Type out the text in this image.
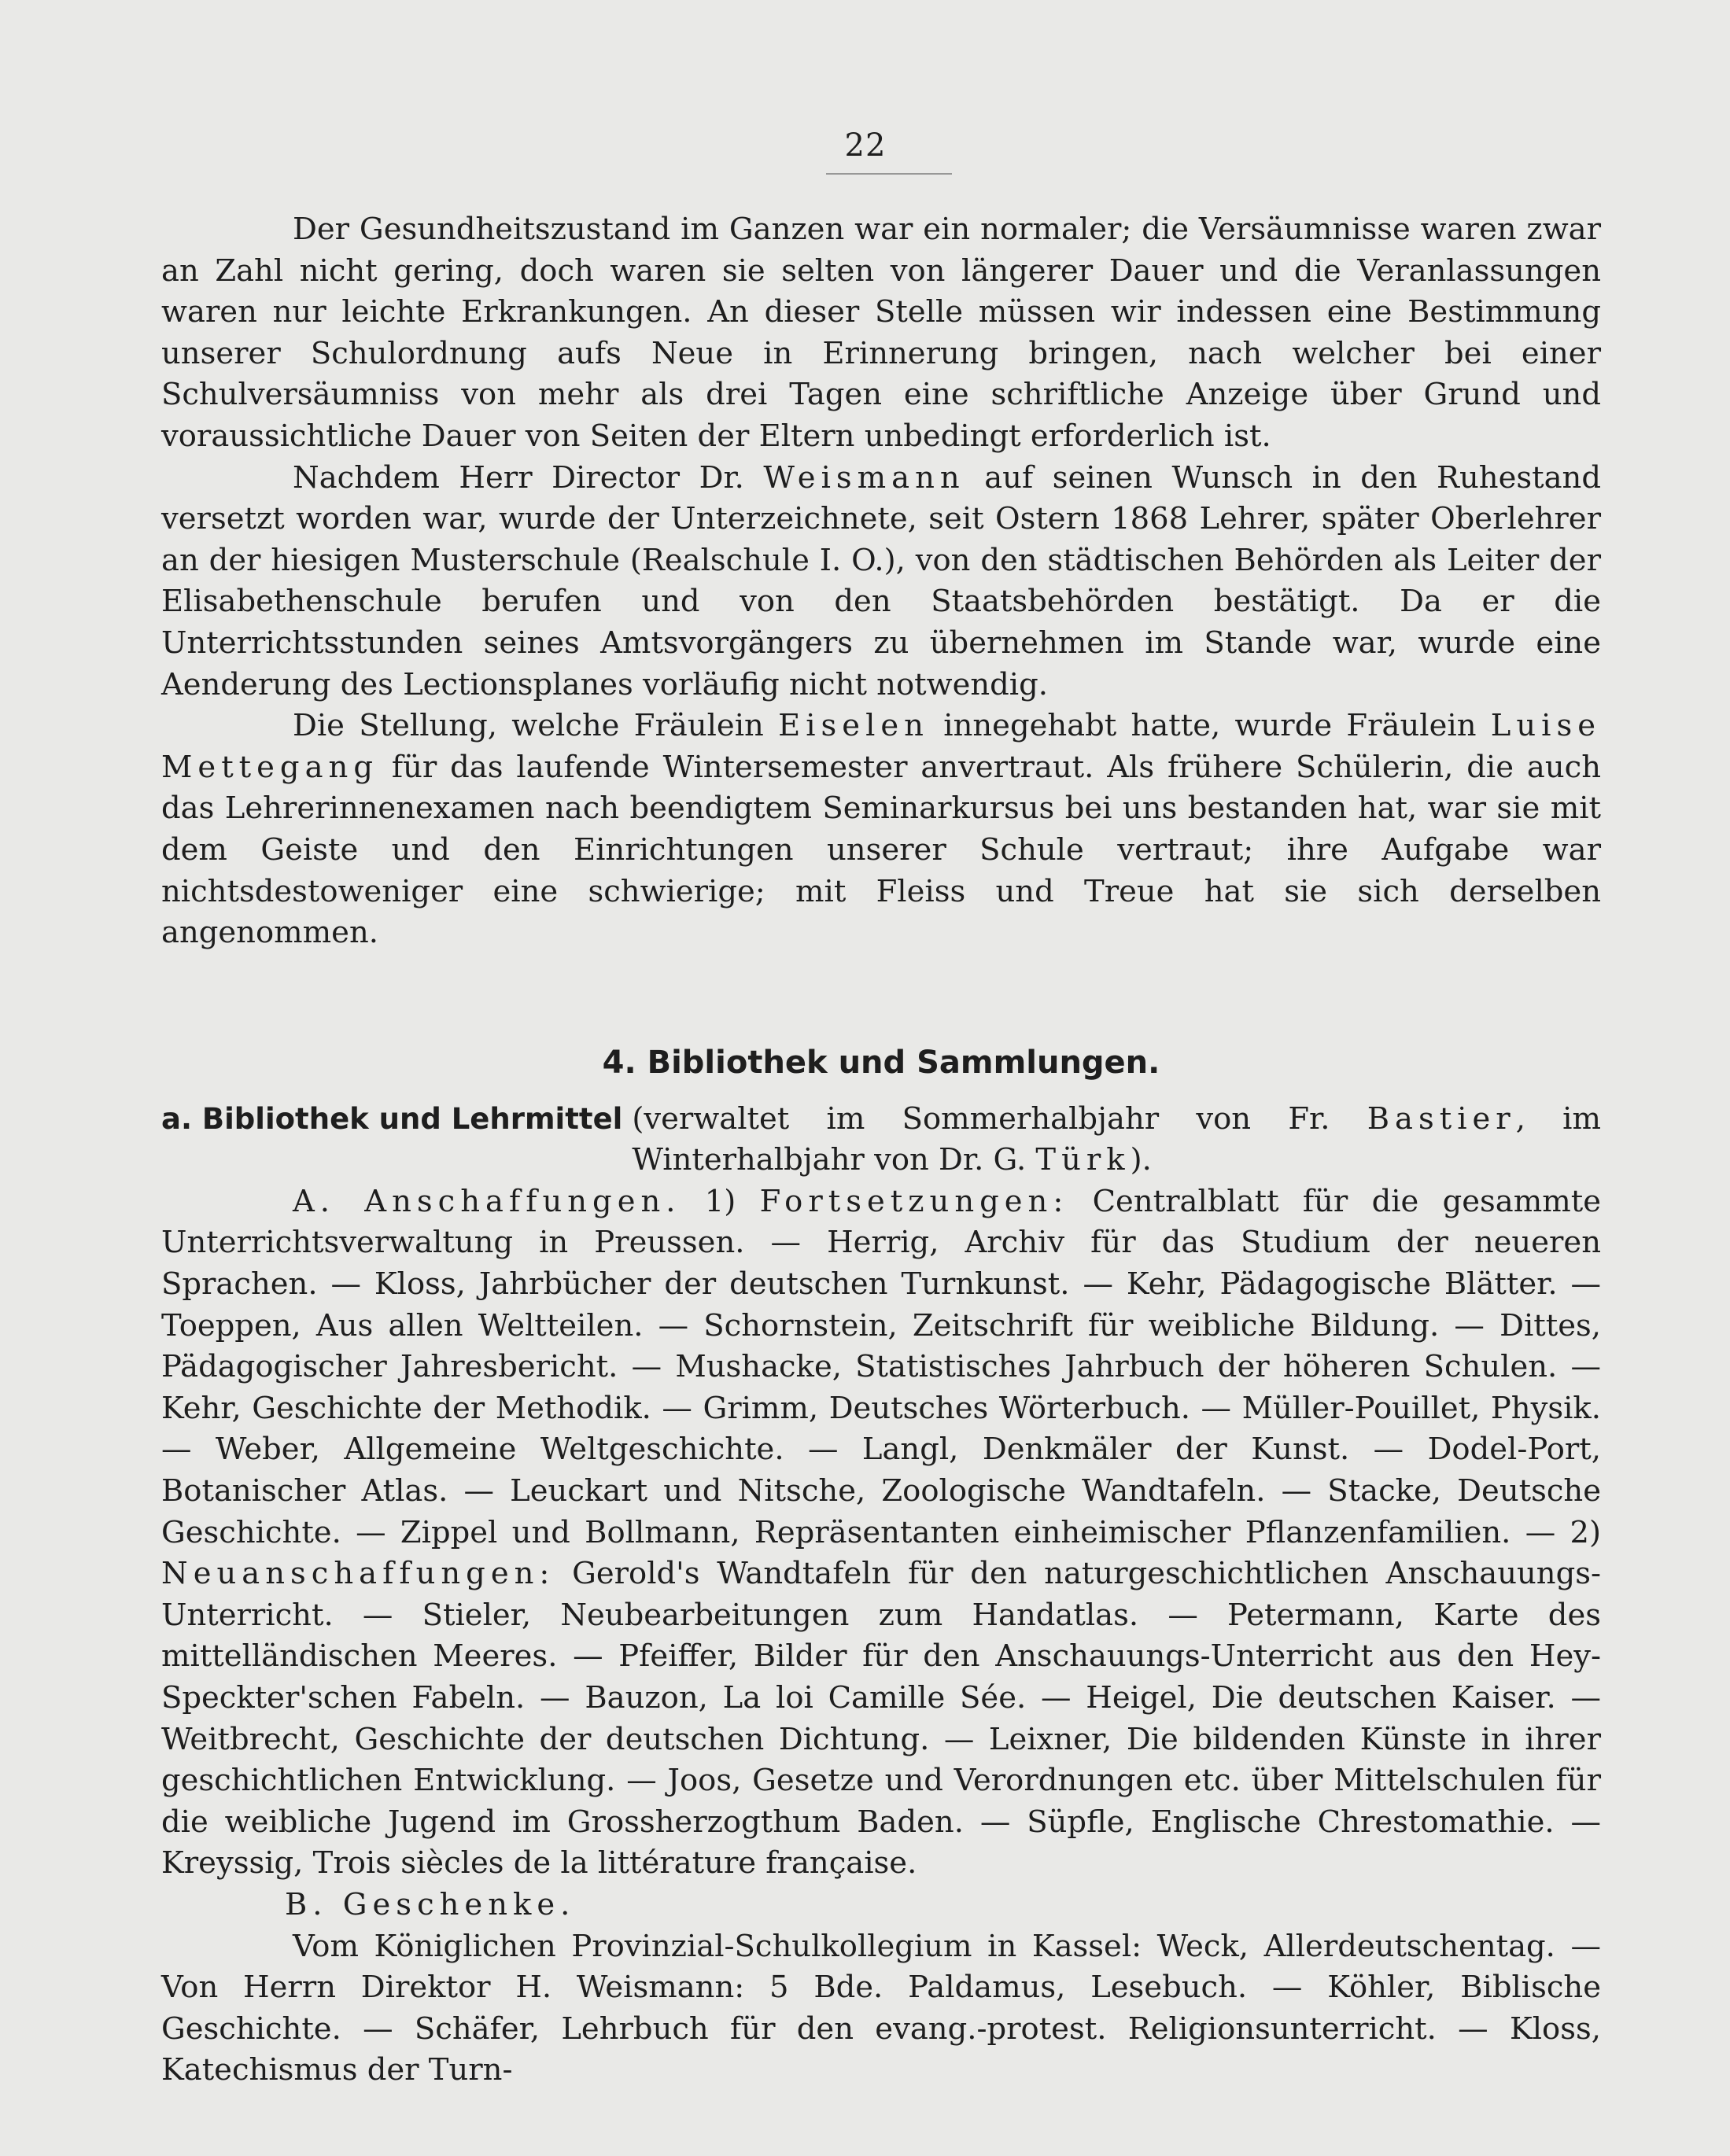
22

Der Gesundheitszustand im Ganzen war ein normaler; die Versäumnisse waren zwar an Zahl nicht gering, doch waren sie selten von längerer Dauer und die Veranlassungen waren nur leichte Erkrankungen. An dieser Stelle müssen wir indessen eine Bestimmung unserer Schulordnung aufs Neue in Erinnerung bringen, nach welcher bei einer Schulversäumniss von mehr als drei Tagen eine schriftliche Anzeige über Grund und voraussichtliche Dauer von Seiten der Eltern unbedingt erforderlich ist.

Nachdem Herr Director Dr. Weismann auf seinen Wunsch in den Ruhestand versetzt worden war, wurde der Unterzeichnete, seit Ostern 1868 Lehrer, später Oberlehrer an der hiesigen Musterschule (Realschule I. O.), von den städtischen Behörden als Leiter der Elisabethenschule berufen und von den Staatsbehörden bestätigt. Da er die Unterrichtsstunden seines Amtsvorgängers zu übernehmen im Stande war, wurde eine Aenderung des Lectionsplanes vorläufig nicht notwendig.

Die Stellung, welche Fräulein Eiselen innegehabt hatte, wurde Fräulein Luise Mettegang für das laufende Wintersemester anvertraut. Als frühere Schülerin, die auch das Lehrerinnenexamen nach beendigtem Seminarkursus bei uns bestanden hat, war sie mit dem Geiste und den Einrichtungen unserer Schule vertraut; ihre Aufgabe war nichtsdestoweniger eine schwierige; mit Fleiss und Treue hat sie sich derselben angenommen.

4. Bibliothek und Sammlungen.
a. Bibliothek und Lehrmittel (verwaltet im Sommerhalbjahr von Fr. Bastier, im Winterhalbjahr von Dr. G. Türk).

A. Anschaffungen. 1) Fortsetzungen: Centralblatt für die gesammte Unterrichtsverwaltung in Preussen. — Herrig, Archiv für das Studium der neueren Sprachen. — Kloss, Jahrbücher der deutschen Turnkunst. — Kehr, Pädagogische Blätter. — Toeppen, Aus allen Weltteilen. — Schornstein, Zeitschrift für weibliche Bildung. — Dittes, Pädagogischer Jahresbericht. — Mushacke, Statistisches Jahrbuch der höheren Schulen. — Kehr, Geschichte der Methodik. — Grimm, Deutsches Wörterbuch. — Müller-Pouillet, Physik. — Weber, Allgemeine Weltgeschichte. — Langl, Denkmäler der Kunst. — Dodel-Port, Botanischer Atlas. — Leuckart und Nitsche, Zoologische Wandtafeln. — Stacke, Deutsche Geschichte. — Zippel und Bollmann, Repräsentanten einheimischer Pflanzenfamilien. — 2) Neuanschaffungen: Gerold's Wandtafeln für den naturgeschichtlichen Anschauungs-Unterricht. — Stieler, Neubearbeitungen zum Handatlas. — Petermann, Karte des mittelländischen Meeres. — Pfeiffer, Bilder für den Anschauungs-Unterricht aus den Hey-Speckter'schen Fabeln. — Bauzon, La loi Camille Sée. — Heigel, Die deutschen Kaiser. — Weitbrecht, Geschichte der deutschen Dichtung. — Leixner, Die bildenden Künste in ihrer geschichtlichen Entwicklung. — Joos, Gesetze und Verordnungen etc. über Mittelschulen für die weibliche Jugend im Grossherzogthum Baden. — Süpfle, Englische Chrestomathie. — Kreyssig, Trois siècles de la littérature française.

B. Geschenke.

Vom Königlichen Provinzial-Schulkollegium in Kassel: Weck, Allerdeutschentag. — Von Herrn Direktor H. Weismann: 5 Bde. Paldamus, Lesebuch. — Köhler, Biblische Geschichte. — Schäfer, Lehrbuch für den evang.-protest. Religionsunterricht. — Kloss, Katechismus der Turn-
